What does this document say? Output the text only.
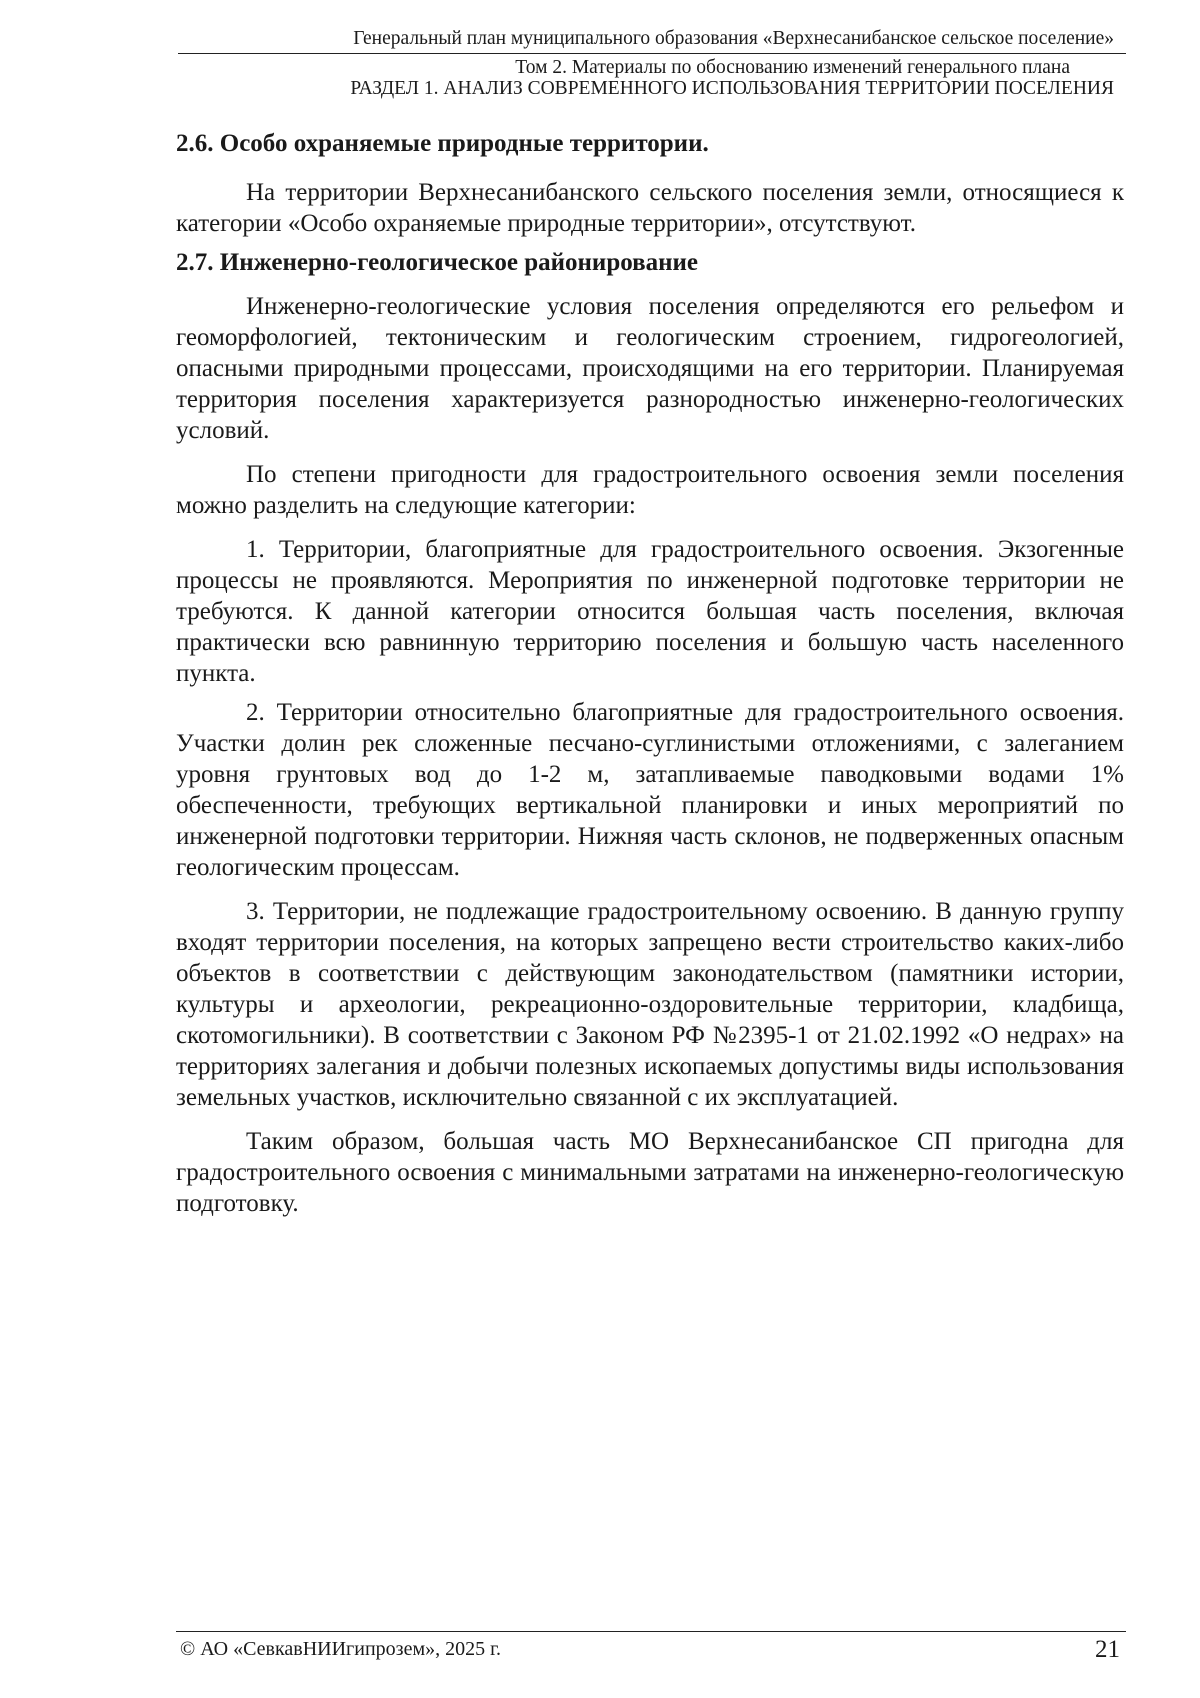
Генеральный план муниципального образования «Верхнесанибанское сельское поселение»
Том 2. Материалы по обоснованию изменений генерального плана
РАЗДЕЛ 1. АНАЛИЗ СОВРЕМЕННОГО ИСПОЛЬЗОВАНИЯ ТЕРРИТОРИИ ПОСЕЛЕНИЯ

2.6. Особо охраняемые природные территории.

На территории Верхнесанибанского сельского поселения земли, относящиеся к категории «Особо охраняемые природные территории», отсутствуют.

2.7. Инженерно-геологическое районирование

Инженерно-геологические условия поселения определяются его рельефом и геоморфологией, тектоническим и геологическим строением, гидрогеологией, опасными природными процессами, происходящими на его территории. Планируемая территория поселения характеризуется разнородностью инженерно-геологических условий.

По степени пригодности для градостроительного освоения земли поселения можно разделить на следующие категории:

1. Территории, благоприятные для градостроительного освоения. Экзогенные процессы не проявляются. Мероприятия по инженерной подготовке территории не требуются. К данной категории относится большая часть поселения, включая практически всю равнинную территорию поселения и большую часть населенного пункта.

2. Территории относительно благоприятные для градостроительного освоения. Участки долин рек сложенные песчано-суглинистыми отложениями, с залеганием уровня грунтовых вод до 1-2 м, затапливаемые паводковыми водами 1% обеспеченности, требующих вертикальной планировки и иных мероприятий по инженерной подготовки территории. Нижняя часть склонов, не подверженных опасным геологическим процессам.

3. Территории, не подлежащие градостроительному освоению. В данную группу входят территории поселения, на которых запрещено вести строительство каких-либо объектов в соответствии с действующим законодательством (памятники истории, культуры и археологии, рекреационно-оздоровительные территории, кладбища, скотомогильники). В соответствии с Законом РФ №2395-1 от 21.02.1992 «О недрах» на территориях залегания и добычи полезных ископаемых допустимы виды использования земельных участков, исключительно связанной с их эксплуатацией.

Таким образом, большая часть МО Верхнесанибанское СП пригодна для градостроительного освоения с минимальными затратами на инженерно-геологическую подготовку.

© АО «СевкавНИИгипрозем», 2025 г.	21
